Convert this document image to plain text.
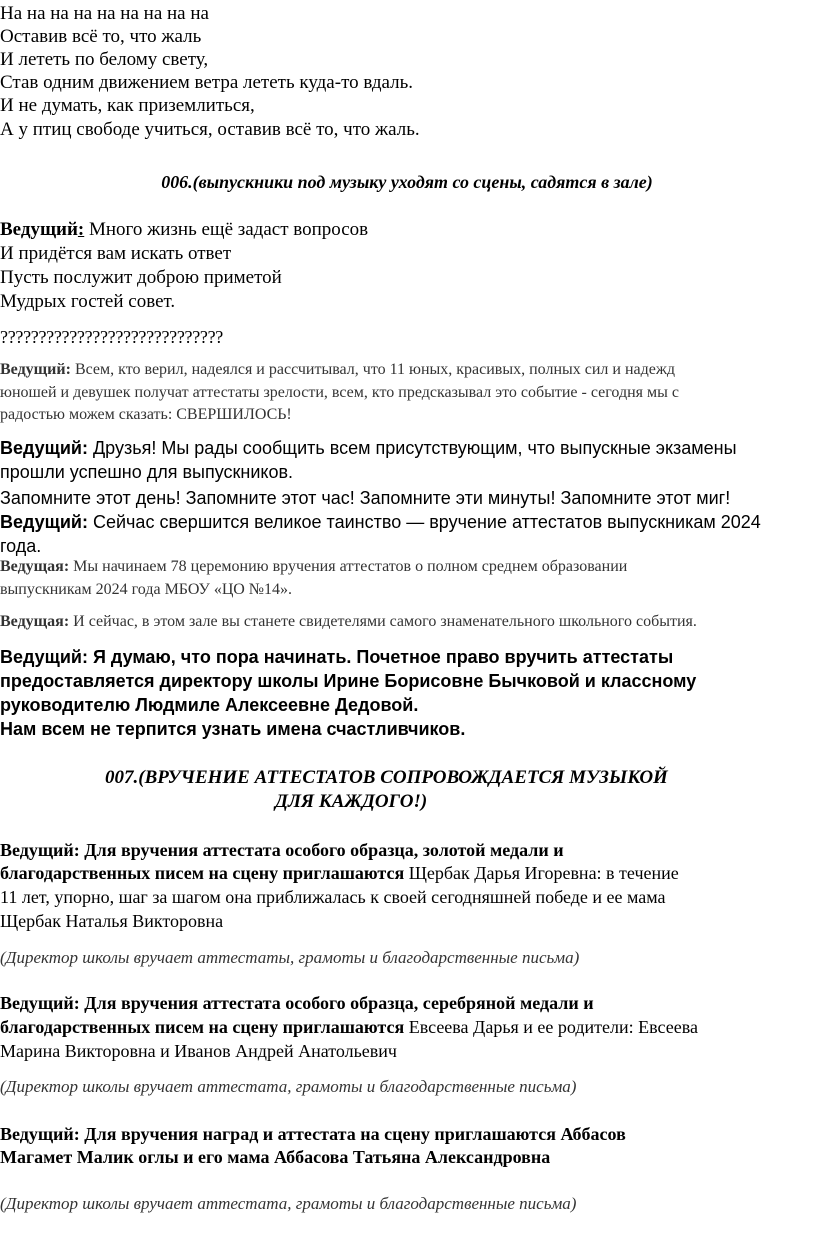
На на на на на на на на на
Оставив всё то, что жаль
И лететь по белому свету,
Став одним движением ветра лететь куда-то вдаль.
И не думать, как приземлиться,
А у птиц свободе учиться, оставив всё то, что жаль.
006.(выпускники под музыку уходят со сцены, садятся в зале)
Ведущий: Много жизнь ещё задаст вопросов
И придётся вам искать ответ
Пусть послужит доброю приметой
Мудрых гостей совет.
?????????????????????????????
Ведущий: Всем, кто верил, надеялся и рассчитывал, что 11 юных, красивых, полных сил и надежд
юношей и девушек получат аттестаты зрелости, всем, кто предсказывал это событие - сегодня мы с
радостью можем сказать: СВЕРШИЛОСЬ!
Ведущий: Друзья! Мы рады сообщить всем присутствующим, что выпускные экзамены
прошли успешно для выпускников.
Запомните этот день! Запомните этот час! Запомните эти минуты! Запомните этот миг!
Ведущий: Сейчас свершится великое таинство — вручение аттестатов выпускникам 2024
года.
Ведущая: Мы начинаем 78 церемонию вручения аттестатов о полном среднем образовании
выпускникам 2024 года МБОУ «ЦО №14».
Ведущая: И сейчас, в этом зале вы станете свидетелями самого знаменательного школьного события.
Ведущий: Я думаю, что пора начинать. Почетное право вручить аттестаты
предоставляется директору школы Ирине Борисовне Бычковой и классному
руководителю Людмиле Алексеевне Дедовой.
Нам всем не терпится узнать имена счастливчиков.
007.(ВРУЧЕНИЕ АТТЕСТАТОВ СОПРОВОЖДАЕТСЯ МУЗЫКОЙ
ДЛЯ КАЖДОГО!)
Ведущий: Для вручения аттестата особого образца, золотой медали и
благодарственных писем на сцену приглашаются Щербак Дарья Игоревна: в течение
11 лет, упорно, шаг за шагом она приближалась к своей сегодняшней победе и ее мама
Щербак Наталья Викторовна
(Директор школы вручает аттестаты, грамоты и благодарственные письма)
Ведущий: Для вручения аттестата особого образца, серебряной медали и
благодарственных писем на сцену приглашаются Евсеева Дарья и ее родители: Евсеева
Марина Викторовна и Иванов Андрей Анатольевич
(Директор школы вручает аттестата, грамоты и благодарственные письма)
Ведущий: Для вручения наград и аттестата на сцену приглашаются Аббасов
Магамет Малик оглы и его мама Аббасова Татьяна Александровна
(Директор школы вручает аттестата, грамоты и благодарственные письма)
